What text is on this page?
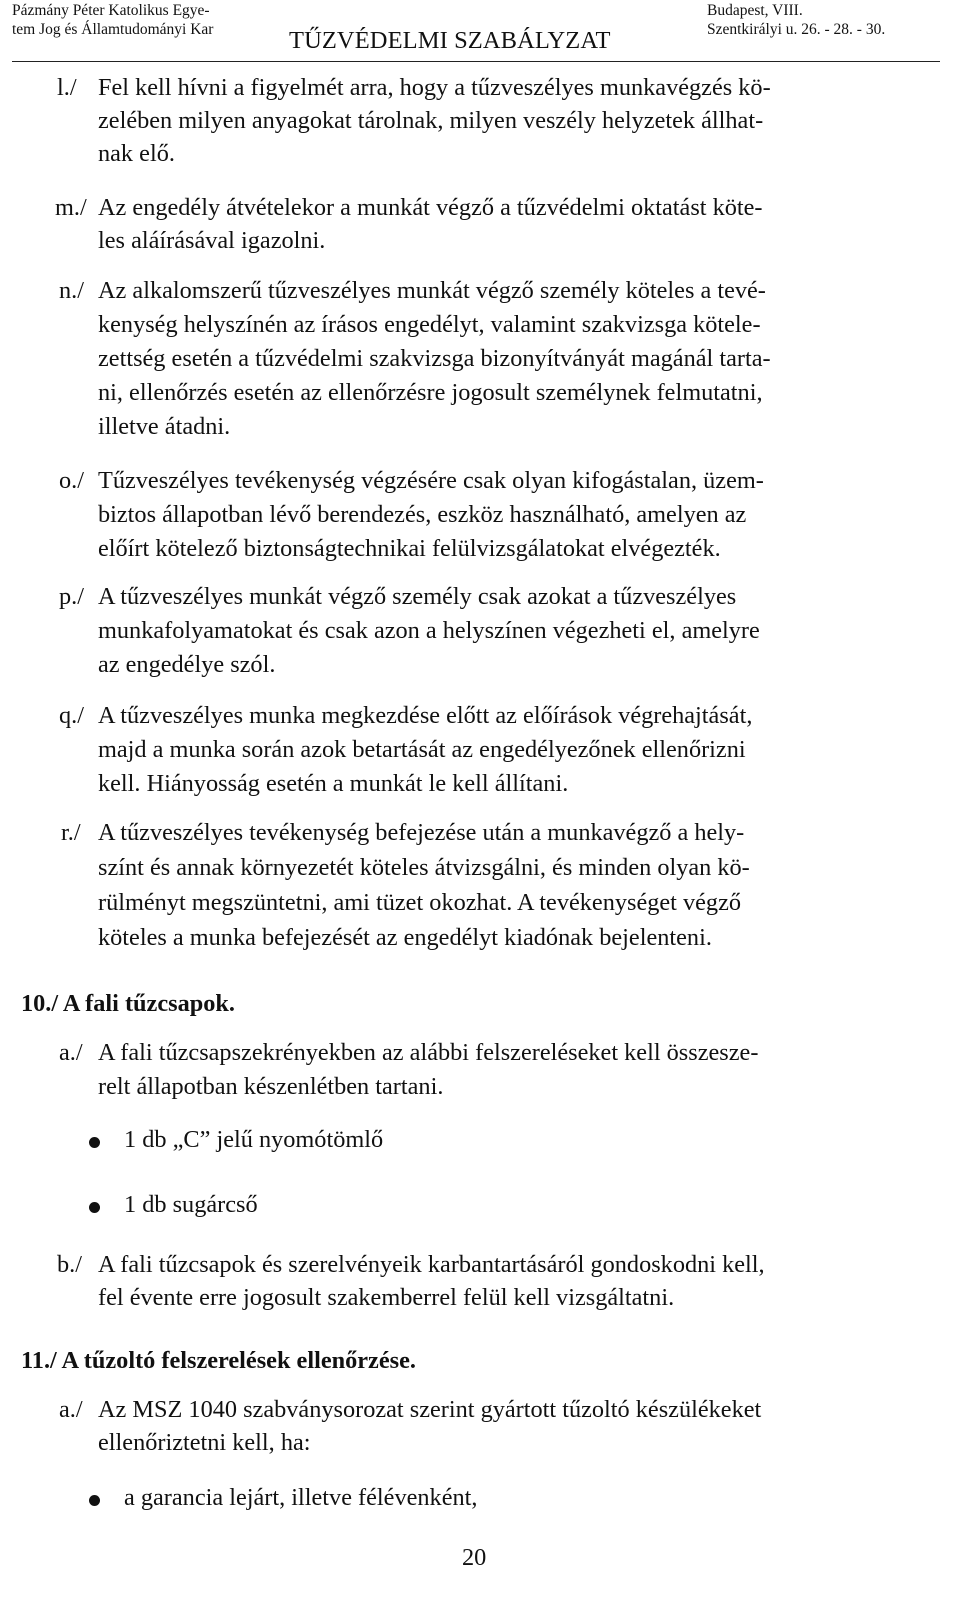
Pázmány Péter Katolikus Egye-
tem Jog és Államtudományi Kar	TŰZVÉDELMI SZABÁLYZAT
Budapest, VIII.
Szentkirályi u. 26. - 28. - 30.
l./ Fel kell hívni a figyelmét arra, hogy a tűzveszélyes munkavégzés kö-
zelében milyen anyagokat tárolnak, milyen veszély helyzetek állhat-
nak elő.
m./ Az engedély átvételekor a munkát végző a tűzvédelmi oktatást köte-
les aláírásával igazolni.
n./ Az alkalomszerű tűzveszélyes munkát végző személy köteles a tevé-
kenység helyszínén az írásos engedélyt, valamint szakvizsga kötele-
zettség esetén a tűzvédelmi szakvizsga bizonyítványát magánál tarta-
ni, ellenőrzés esetén az ellenőrzésre jogosult személynek felmutatni,
illetve átadni.
o./ Tűzveszélyes tevékenység végzésére csak olyan kifogástalan, üzem-
biztos állapotban lévő berendezés, eszköz használható, amelyen az
előírt kötelező biztonságtechnikai felülvizsgálatokat elvégezték.
p./ A tűzveszélyes munkát végző személy csak azokat a tűzveszélyes
munkafolyamatokat és csak azon a helyszínen végezheti el, amelyre
az engedélye szól.
q./ A tűzveszélyes munka megkezdése előtt az előírások végrehajtását,
majd a munka során azok betartását az engedélyezőnek ellenőrizni
kell. Hiányosság esetén a munkát le kell állítani.
r./ A tűzveszélyes tevékenység befejezése után a munkavégző a hely-
színt és annak környezetét köteles átvizsgálni, és minden olyan kö-
rülményt megszüntetni, ami tüzet okozhat. A tevékenységet végző
köteles a munka befejezését az engedélyt kiadónak bejelenteni.
10./ A fali tűzcsapok.
a./ A fali tűzcsapszekrényekben az alábbi felszereléseket kell összesze-
relt állapotban készenlétben tartani.
1 db „C” jelű nyomótömlő
1 db sugárcső
b./ A fali tűzcsapok és szerelvényeik karbantartásáról gondoskodni kell,
fel évente erre jogosult szakemberrel felül kell vizsgáltatni.
11./ A tűzoltó felszerelések ellenőrzése.
a./ Az MSZ 1040 szabványsorozat szerint gyártott tűzoltó készülékeket
ellenőriztetni kell, ha:
a garancia lejárt, illetve félévenként,
20
